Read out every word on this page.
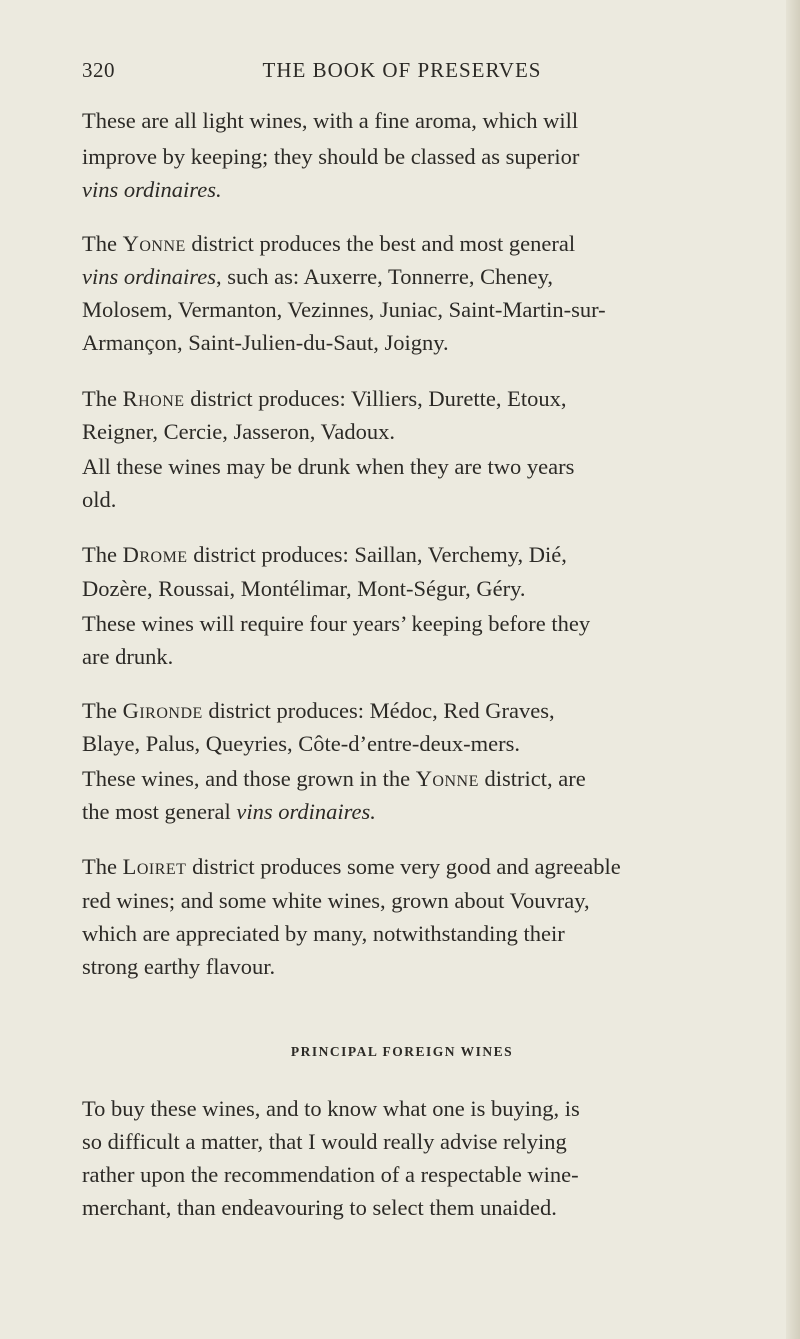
320	THE BOOK OF PRESERVES
These are all light wines, with a fine aroma, which will
improve by keeping; they should be classed as superior
vins ordinaires.
The Yonne district produces the best and most general
vins ordinaires, such as: Auxerre, Tonnerre, Cheney,
Molosem, Vermanton, Vezinnes, Juniac, Saint-Martin-sur-
Armançon, Saint-Julien-du-Saut, Joigny.
The Rhone district produces: Villiers, Durette, Etoux,
Reigner, Cercie, Jasseron, Vadoux.
All these wines may be drunk when they are two years
old.
The Drome district produces: Saillan, Verchemy, Dié,
Dozère, Roussai, Montélimar, Mont-Ségur, Géry.
These wines will require four years’ keeping before they
are drunk.
The Gironde district produces: Médoc, Red Graves,
Blaye, Palus, Queyries, Côte-d’entre-deux-mers.
These wines, and those grown in the Yonne district, are
the most general vins ordinaires.
The Loiret district produces some very good and agreeable
red wines; and some white wines, grown about Vouvray,
which are appreciated by many, notwithstanding their
strong earthy flavour.
PRINCIPAL FOREIGN WINES
To buy these wines, and to know what one is buying, is
so difficult a matter, that I would really advise relying
rather upon the recommendation of a respectable wine-
merchant, than endeavouring to select them unaided.
